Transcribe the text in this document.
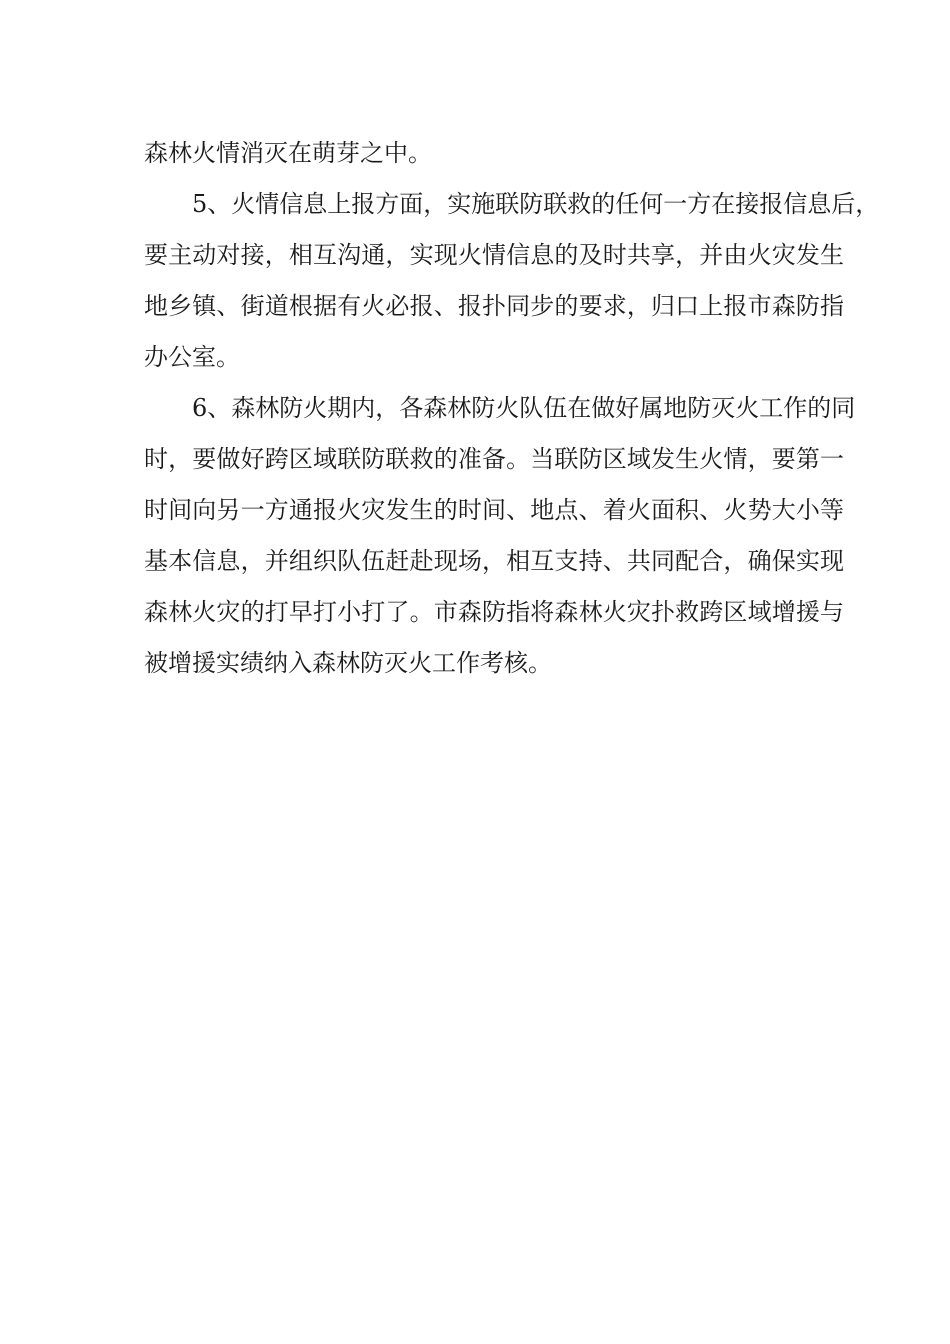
森林火情消灭在萌芽之中。
5、火情信息上报方面，实施联防联救的任何一方在接报信息后，
要主动对接，相互沟通，实现火情信息的及时共享，并由火灾发生
地乡镇、街道根据有火必报、报扑同步的要求，归口上报市森防指
办公室。
6、森林防火期内，各森林防火队伍在做好属地防灭火工作的同
时，要做好跨区域联防联救的准备。当联防区域发生火情，要第一
时间向另一方通报火灾发生的时间、地点、着火面积、火势大小等
基本信息，并组织队伍赶赴现场，相互支持、共同配合，确保实现
森林火灾的打早打小打了。市森防指将森林火灾扑救跨区域增援与
被增援实绩纳入森林防灭火工作考核。
